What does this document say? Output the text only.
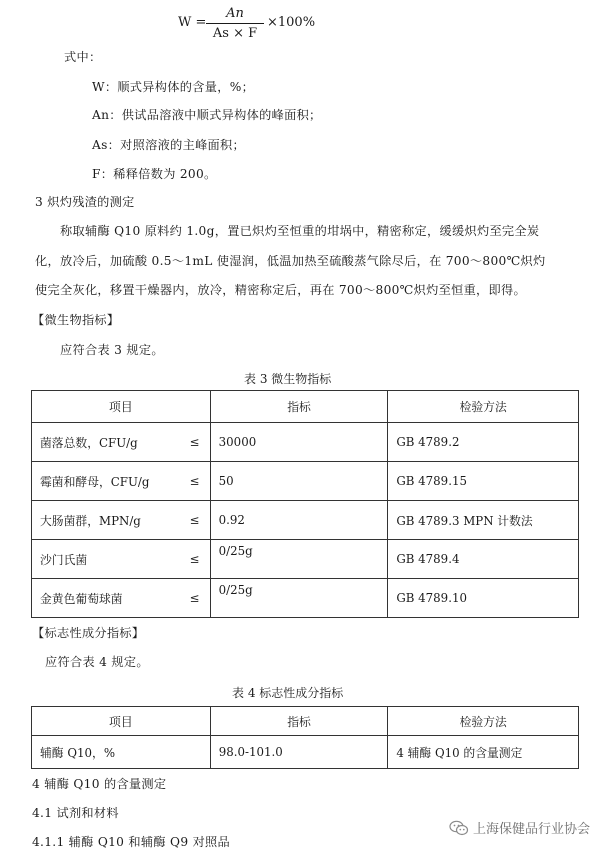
W =
An
As × F
×100%
式中：
W：顺式异构体的含量，%；
An：供试品溶液中顺式异构体的峰面积；
As：对照溶液的主峰面积；
F：稀释倍数为 200。
3 炽灼残渣的测定
称取辅酶 Q10 原料约 1.0g，置已炽灼至恒重的坩埚中，精密称定，缓缓炽灼至完全炭
化，放冷后，加硫酸 0.5～1mL 使湿润，低温加热至硫酸蒸气除尽后，在 700～800℃炽灼
使完全灰化，移置干燥器内，放冷，精密称定后，再在 700～800℃炽灼至恒重，即得。
【微生物指标】
应符合表 3 规定。
表 3 微生物指标
项目	指标	检验方法
菌落总数，CFU/g ≤	30000	GB 4789.2
霉菌和酵母，CFU/g ≤	50	GB 4789.15
大肠菌群，MPN/g ≤	0.92	GB 4789.3 MPN 计数法
沙门氏菌 ≤	0/25g	GB 4789.4
金黄色葡萄球菌 ≤	0/25g	GB 4789.10
【标志性成分指标】
应符合表 4 规定。
表 4 标志性成分指标
项目	指标	检验方法
辅酶 Q10，%	98.0-101.0	4 辅酶 Q10 的含量测定
4 辅酶 Q10 的含量测定
4.1 试剂和材料
4.1.1 辅酶 Q10 和辅酶 Q9 对照品
上海保健品行业协会
